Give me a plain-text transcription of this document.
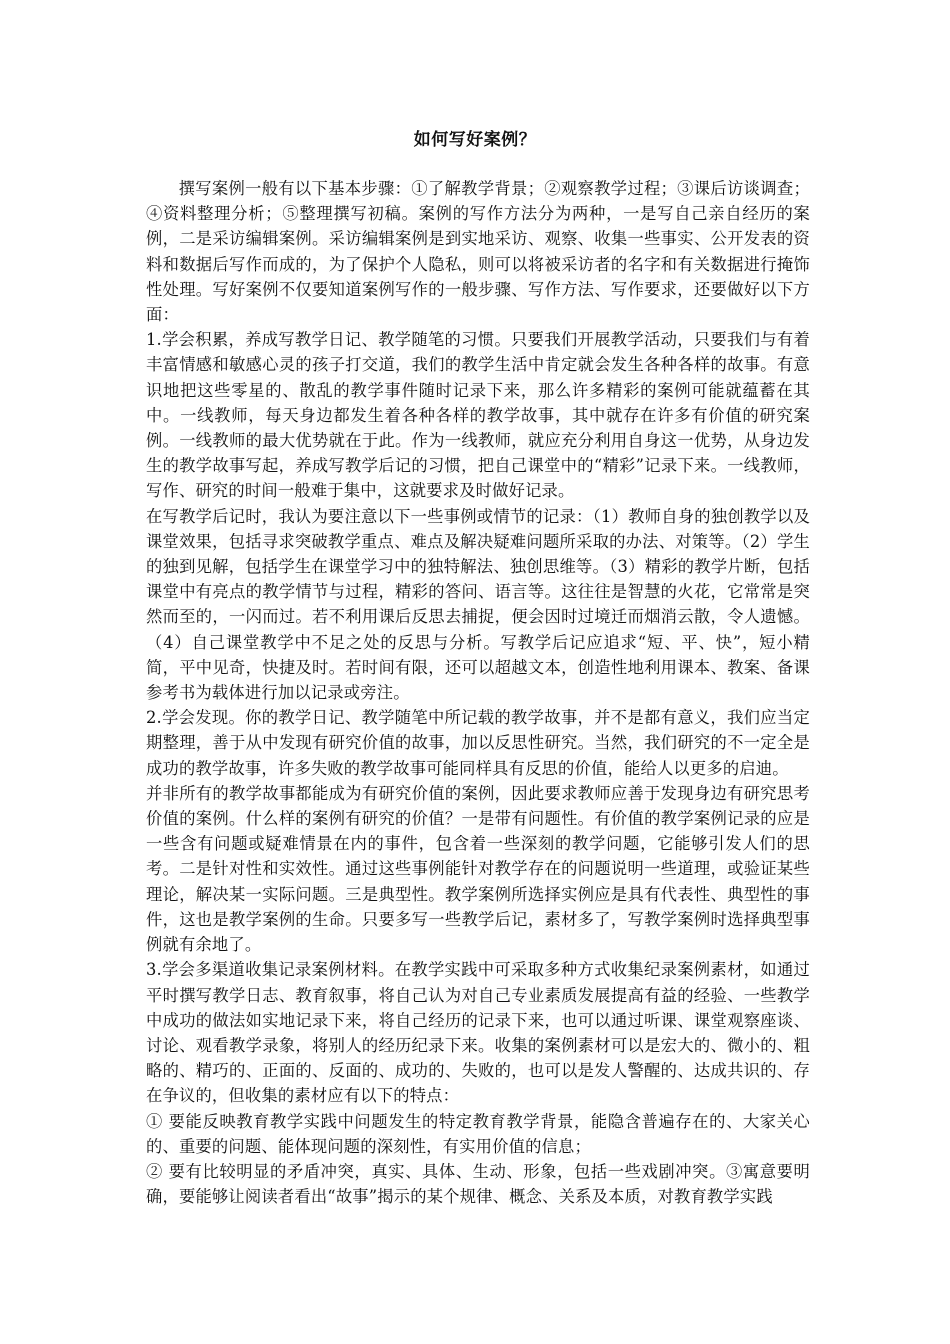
如何写好案例？

撰写案例一般有以下基本步骤：①了解教学背景；②观察教学过程；③课后访谈调查；④资料整理分析；⑤整理撰写初稿。案例的写作方法分为两种，一是写自己亲自经历的案例，二是采访编辑案例。采访编辑案例是到实地采访、观察、收集一些事实、公开发表的资料和数据后写作而成的，为了保护个人隐私，则可以将被采访者的名字和有关数据进行掩饰性处理。写好案例不仅要知道案例写作的一般步骤、写作方法、写作要求，还要做好以下方面：

1.学会积累，养成写教学日记、教学随笔的习惯。只要我们开展教学活动，只要我们与有着丰富情感和敏感心灵的孩子打交道，我们的教学生活中肯定就会发生各种各样的故事。有意识地把这些零星的、散乱的教学事件随时记录下来，那么许多精彩的案例可能就蕴蓄在其中。一线教师，每天身边都发生着各种各样的教学故事，其中就存在许多有价值的研究案例。一线教师的最大优势就在于此。作为一线教师，就应充分利用自身这一优势，从身边发生的教学故事写起，养成写教学后记的习惯，把自己课堂中的“精彩”记录下来。一线教师，写作、研究的时间一般难于集中，这就要求及时做好记录。

在写教学后记时，我认为要注意以下一些事例或情节的记录：（1）教师自身的独创教学以及课堂效果，包括寻求突破教学重点、难点及解决疑难问题所采取的办法、对策等。（2）学生的独到见解，包括学生在课堂学习中的独特解法、独创思维等。（3）精彩的教学片断，包括课堂中有亮点的教学情节与过程，精彩的答问、语言等。这往往是智慧的火花，它常常是突然而至的，一闪而过。若不利用课后反思去捕捉，便会因时过境迁而烟消云散，令人遗憾。（4）自己课堂教学中不足之处的反思与分析。写教学后记应追求“短、平、快”，短小精简，平中见奇，快捷及时。若时间有限，还可以超越文本，创造性地利用课本、教案、备课参考书为载体进行加以记录或旁注。

2.学会发现。你的教学日记、教学随笔中所记载的教学故事，并不是都有意义，我们应当定期整理，善于从中发现有研究价值的故事，加以反思性研究。当然，我们研究的不一定全是成功的教学故事，许多失败的教学故事可能同样具有反思的价值，能给人以更多的启迪。

并非所有的教学故事都能成为有研究价值的案例，因此要求教师应善于发现身边有研究思考价值的案例。什么样的案例有研究的价值？一是带有问题性。有价值的教学案例记录的应是一些含有问题或疑难情景在内的事件，包含着一些深刻的教学问题，它能够引发人们的思考。二是针对性和实效性。通过这些事例能针对教学存在的问题说明一些道理，或验证某些理论，解决某一实际问题。三是典型性。教学案例所选择实例应是具有代表性、典型性的事件，这也是教学案例的生命。只要多写一些教学后记，素材多了，写教学案例时选择典型事例就有余地了。

3.学会多渠道收集记录案例材料。在教学实践中可采取多种方式收集纪录案例素材，如通过平时撰写教学日志、教育叙事，将自己认为对自己专业素质发展提高有益的经验、一些教学中成功的做法如实地记录下来，将自己经历的记录下来，也可以通过听课、课堂观察座谈、讨论、观看教学录象，将别人的经历纪录下来。收集的案例素材可以是宏大的、微小的、粗略的、精巧的、正面的、反面的、成功的、失败的，也可以是发人警醒的、达成共识的、存在争议的，但收集的素材应有以下的特点：

① 要能反映教育教学实践中问题发生的特定教育教学背景，能隐含普遍存在的、大家关心的、重要的问题、能体现问题的深刻性，有实用价值的信息；

② 要有比较明显的矛盾冲突，真实、具体、生动、形象，包括一些戏剧冲突。③寓意要明确，要能够让阅读者看出“故事”揭示的某个规律、概念、关系及本质，对教育教学实践
